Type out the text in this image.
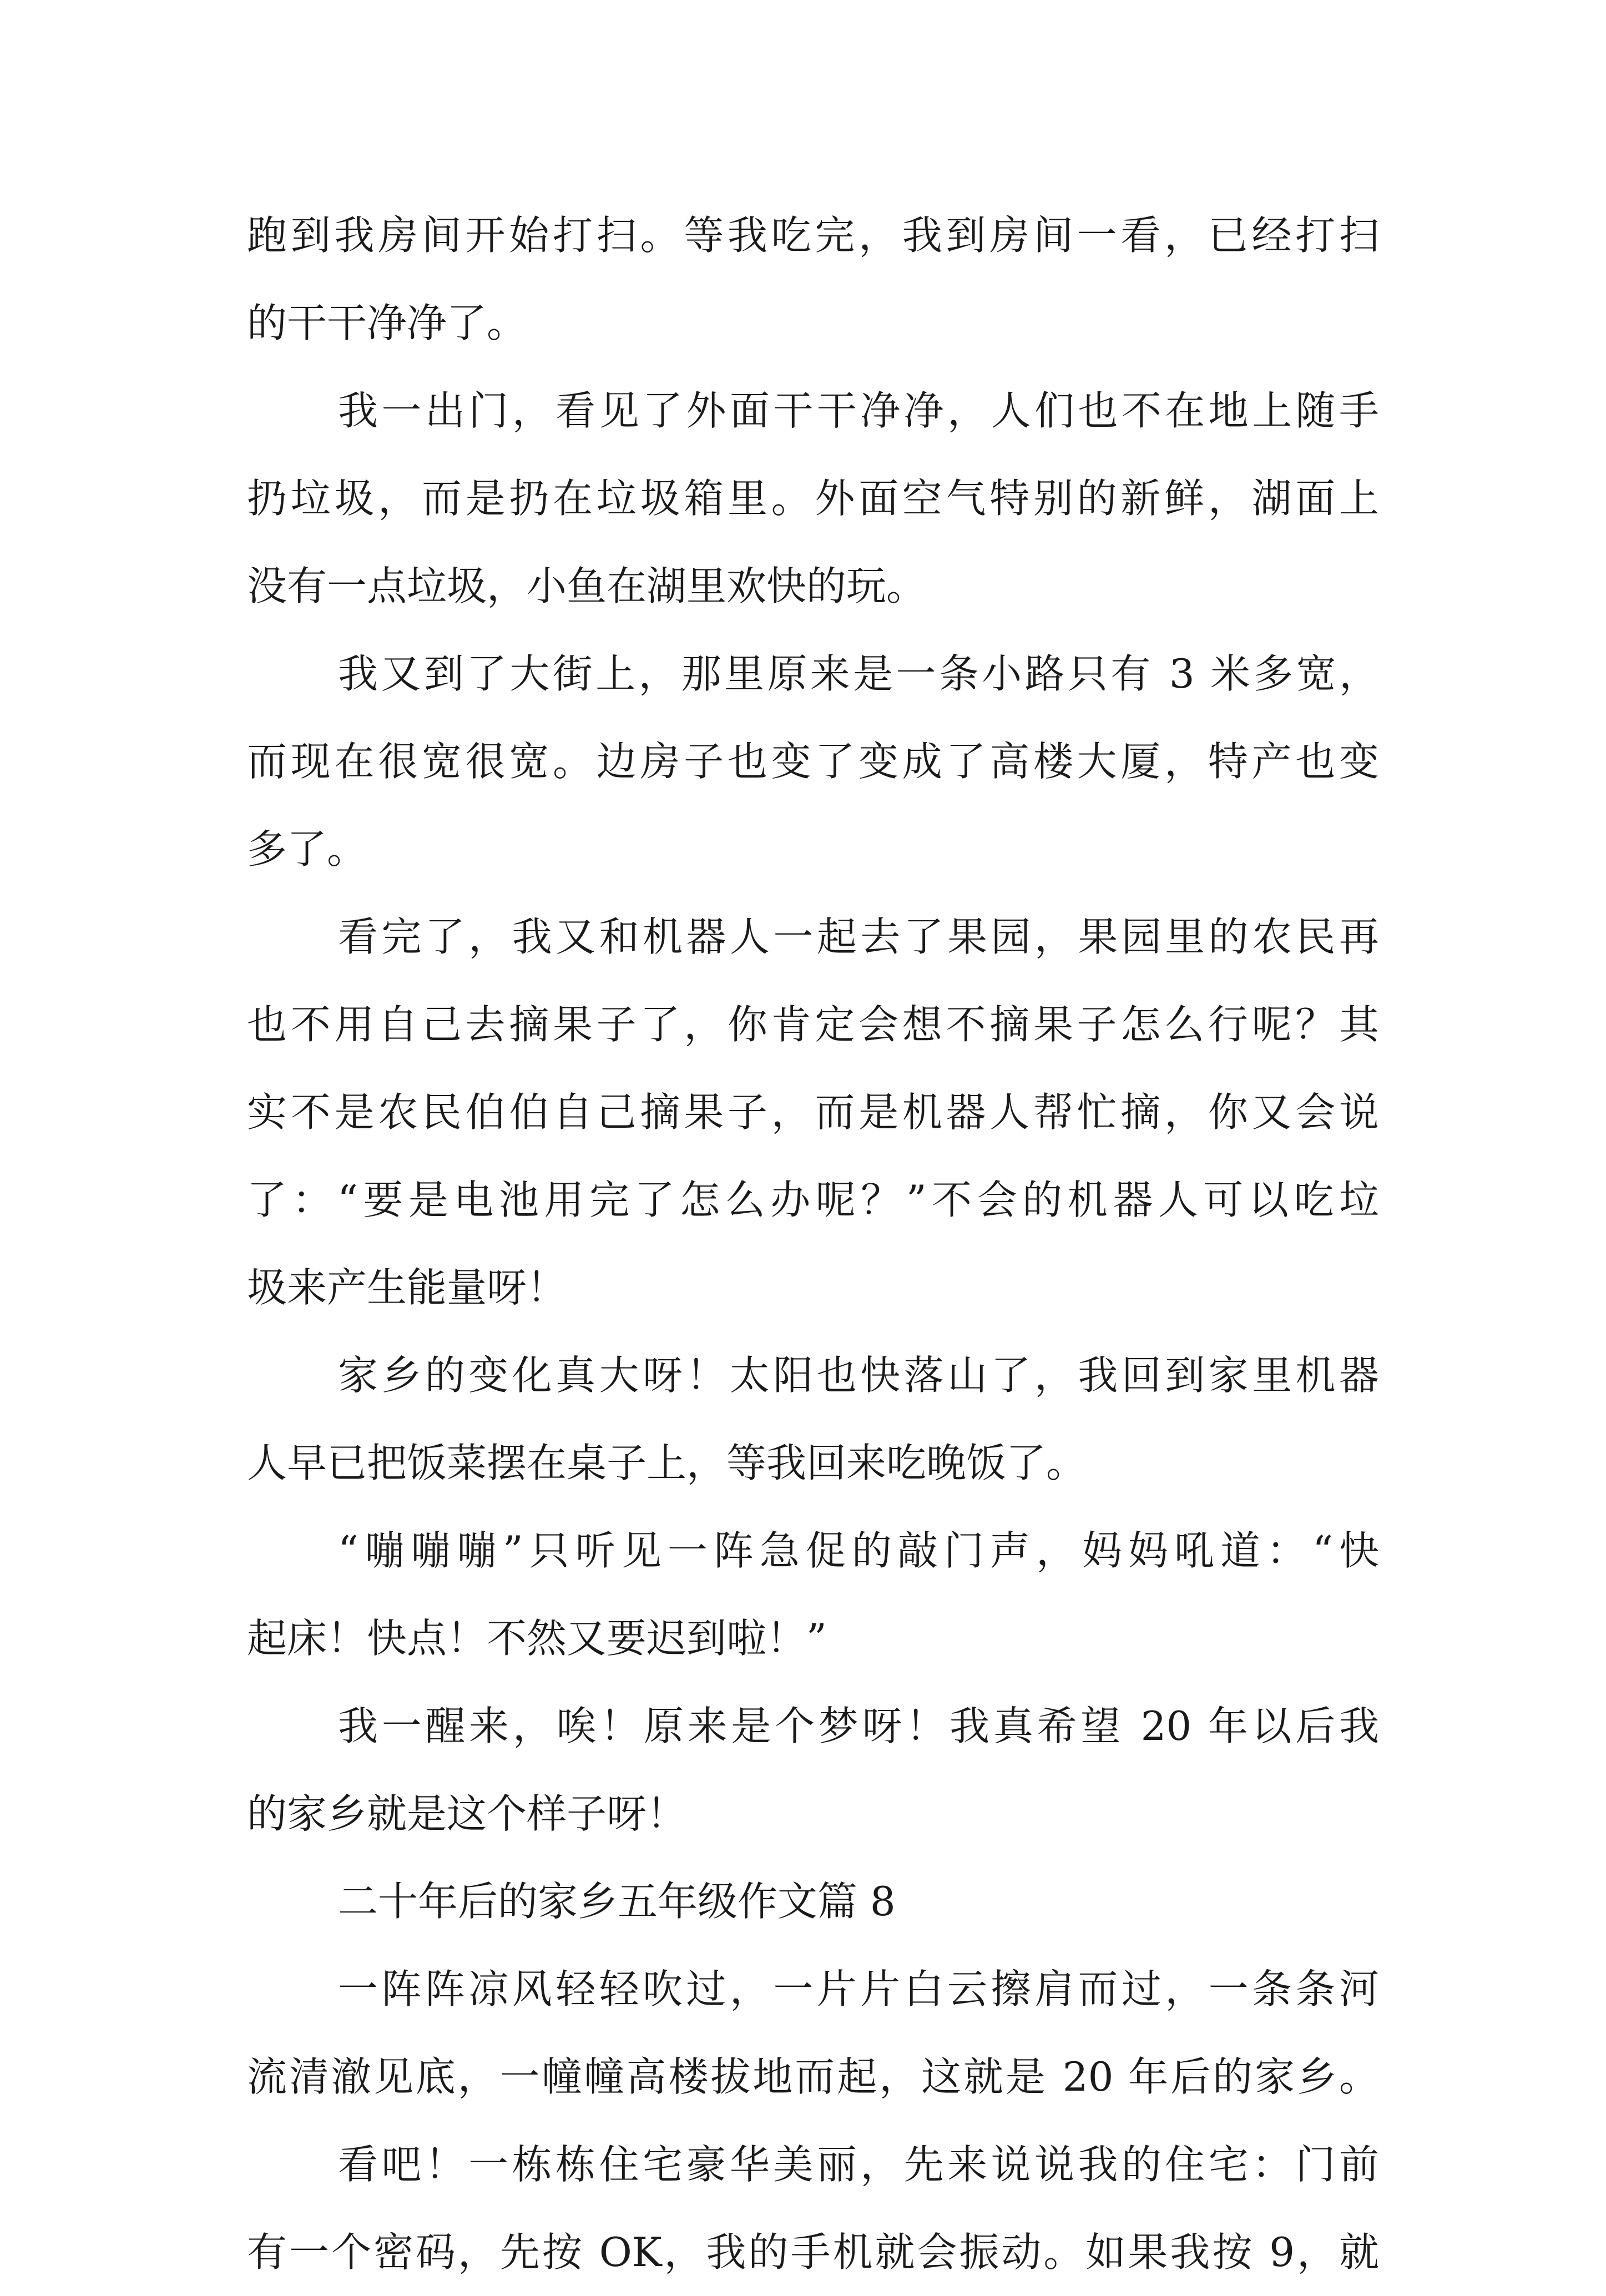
跑到我房间开始打扫。等我吃完，我到房间一看，已经打扫
的干干净净了。
我一出门，看见了外面干干净净，人们也不在地上随手
扔垃圾，而是扔在垃圾箱里。外面空气特别的新鲜，湖面上
没有一点垃圾，小鱼在湖里欢快的玩。
我又到了大街上，那里原来是一条小路只有 3 米多宽，
而现在很宽很宽。边房子也变了变成了高楼大厦，特产也变
多了。
看完了，我又和机器人一起去了果园，果园里的农民再
也不用自己去摘果子了，你肯定会想不摘果子怎么行呢？其
实不是农民伯伯自己摘果子，而是机器人帮忙摘，你又会说
了：“要是电池用完了怎么办呢？”不会的机器人可以吃垃
圾来产生能量呀！
家乡的变化真大呀！太阳也快落山了，我回到家里机器
人早已把饭菜摆在桌子上，等我回来吃晚饭了。
“嘣嘣嘣”只听见一阵急促的敲门声，妈妈吼道：“快
起床！快点！不然又要迟到啦！”
我一醒来，唉！原来是个梦呀！我真希望 20 年以后我
的家乡就是这个样子呀！
二十年后的家乡五年级作文篇 8
一阵阵凉风轻轻吹过，一片片白云擦肩而过，一条条河
流清澈见底，一幢幢高楼拔地而起，这就是 20 年后的家乡。
看吧！一栋栋住宅豪华美丽，先来说说我的住宅：门前
有一个密码，先按 OK，我的手机就会振动。如果我按 9，就
